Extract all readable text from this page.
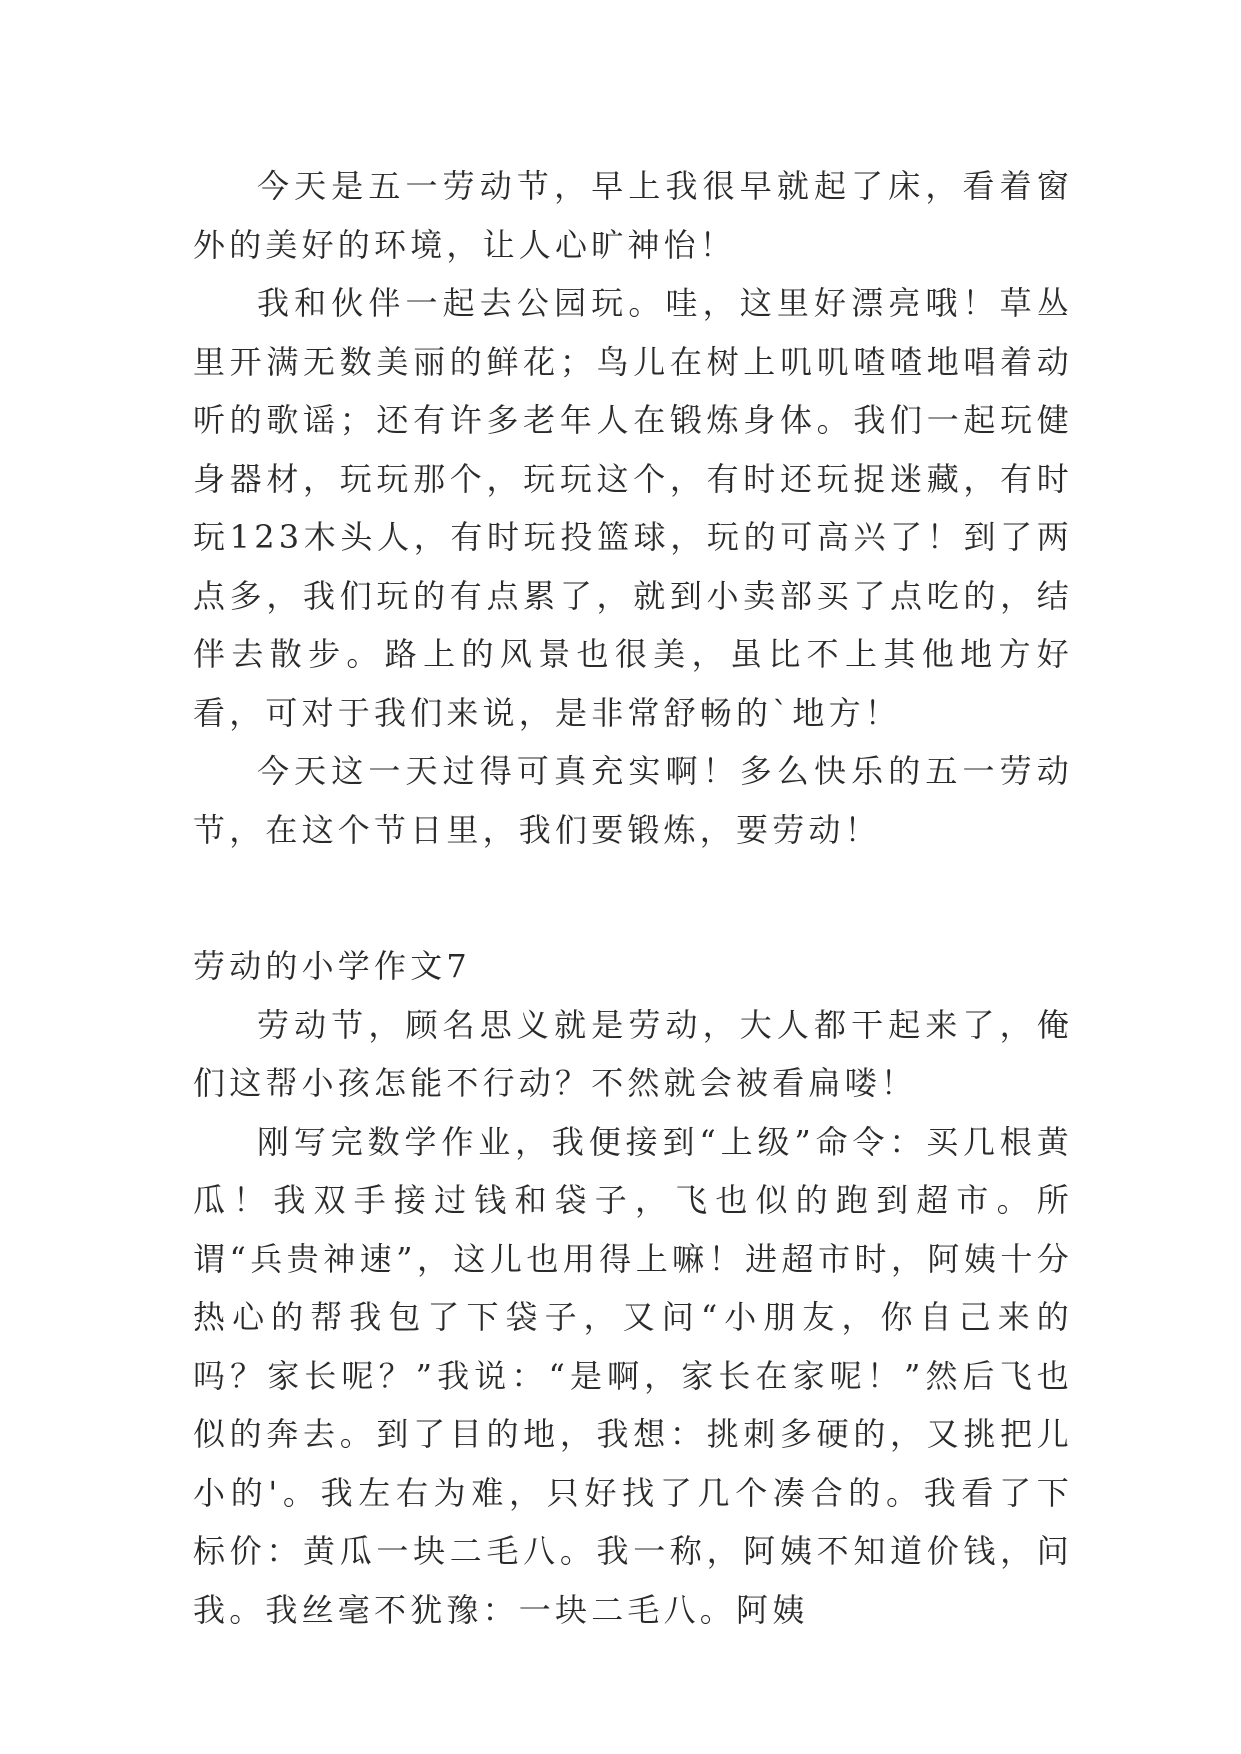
今天是五一劳动节，早上我很早就起了床，看着窗外的美好的环境，让人心旷神怡！

我和伙伴一起去公园玩。哇，这里好漂亮哦！草丛里开满无数美丽的鲜花；鸟儿在树上叽叽喳喳地唱着动听的歌谣；还有许多老年人在锻炼身体。我们一起玩健身器材，玩玩那个，玩玩这个，有时还玩捉迷藏，有时玩123木头人，有时玩投篮球，玩的可高兴了！到了两点多，我们玩的有点累了，就到小卖部买了点吃的，结伴去散步。路上的风景也很美，虽比不上其他地方好看，可对于我们来说，是非常舒畅的`地方！

今天这一天过得可真充实啊！多么快乐的五一劳动节，在这个节日里，我们要锻炼，要劳动！

劳动的小学作文7

劳动节，顾名思义就是劳动，大人都干起来了，俺们这帮小孩怎能不行动？不然就会被看扁喽！

刚写完数学作业，我便接到“上级”命令：买几根黄瓜！我双手接过钱和袋子，飞也似的跑到超市。所谓“兵贵神速”，这儿也用得上嘛！进超市时，阿姨十分热心的帮我包了下袋子，又问“小朋友，你自己来的吗？家长呢？”我说：“是啊，家长在家呢！”然后飞也似的奔去。到了目的地，我想：挑刺多硬的，又挑把儿小的'。我左右为难，只好找了几个凑合的。我看了下标价：黄瓜一块二毛八。我一称，阿姨不知道价钱，问我。我丝毫不犹豫：一块二毛八。阿姨
